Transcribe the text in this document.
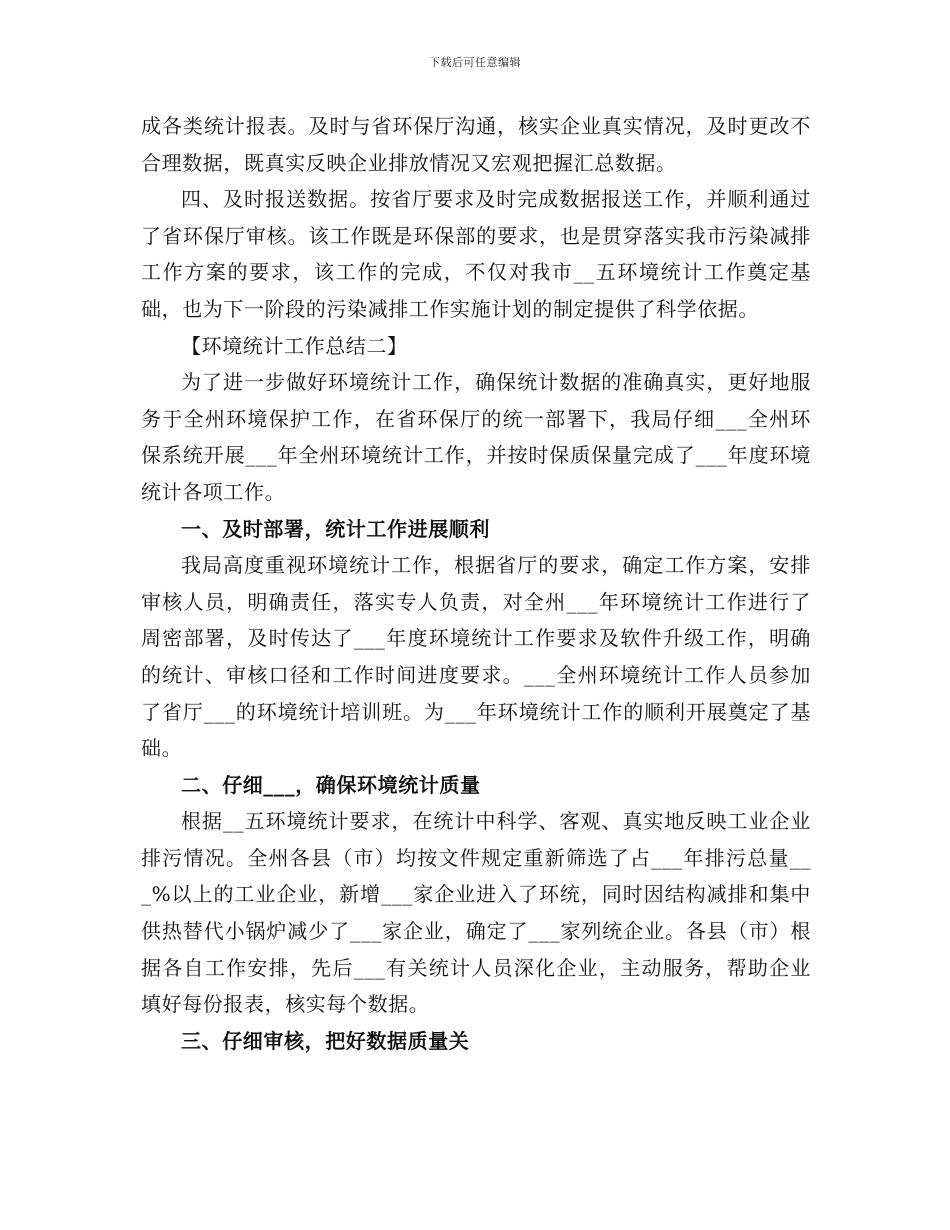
下载后可任意编辑

成各类统计报表。及时与省环保厅沟通，核实企业真实情况，及时更改不合理数据，既真实反映企业排放情况又宏观把握汇总数据。

四、及时报送数据。按省厅要求及时完成数据报送工作，并顺利通过了省环保厅审核。该工作既是环保部的要求，也是贯穿落实我市污染减排工作方案的要求，该工作的完成，不仅对我市__五环境统计工作奠定基础，也为下一阶段的污染减排工作实施计划的制定提供了科学依据。

【环境统计工作总结二】

为了进一步做好环境统计工作，确保统计数据的准确真实，更好地服务于全州环境保护工作，在省环保厅的统一部署下，我局仔细___全州环保系统开展___年全州环境统计工作，并按时保质保量完成了___年度环境统计各项工作。

一、及时部署，统计工作进展顺利

我局高度重视环境统计工作，根据省厅的要求，确定工作方案，安排审核人员，明确责任，落实专人负责，对全州___年环境统计工作进行了周密部署，及时传达了___年度环境统计工作要求及软件升级工作，明确的统计、审核口径和工作时间进度要求。___全州环境统计工作人员参加了省厅___的环境统计培训班。为___年环境统计工作的顺利开展奠定了基础。

二、仔细___，确保环境统计质量

根据__五环境统计要求，在统计中科学、客观、真实地反映工业企业排污情况。全州各县（市）均按文件规定重新筛选了占___年排污总量___%以上的工业企业，新增___家企业进入了环统，同时因结构减排和集中供热替代小锅炉减少了___家企业，确定了___家列统企业。各县（市）根据各自工作安排，先后___有关统计人员深化企业，主动服务，帮助企业填好每份报表，核实每个数据。

三、仔细审核，把好数据质量关
